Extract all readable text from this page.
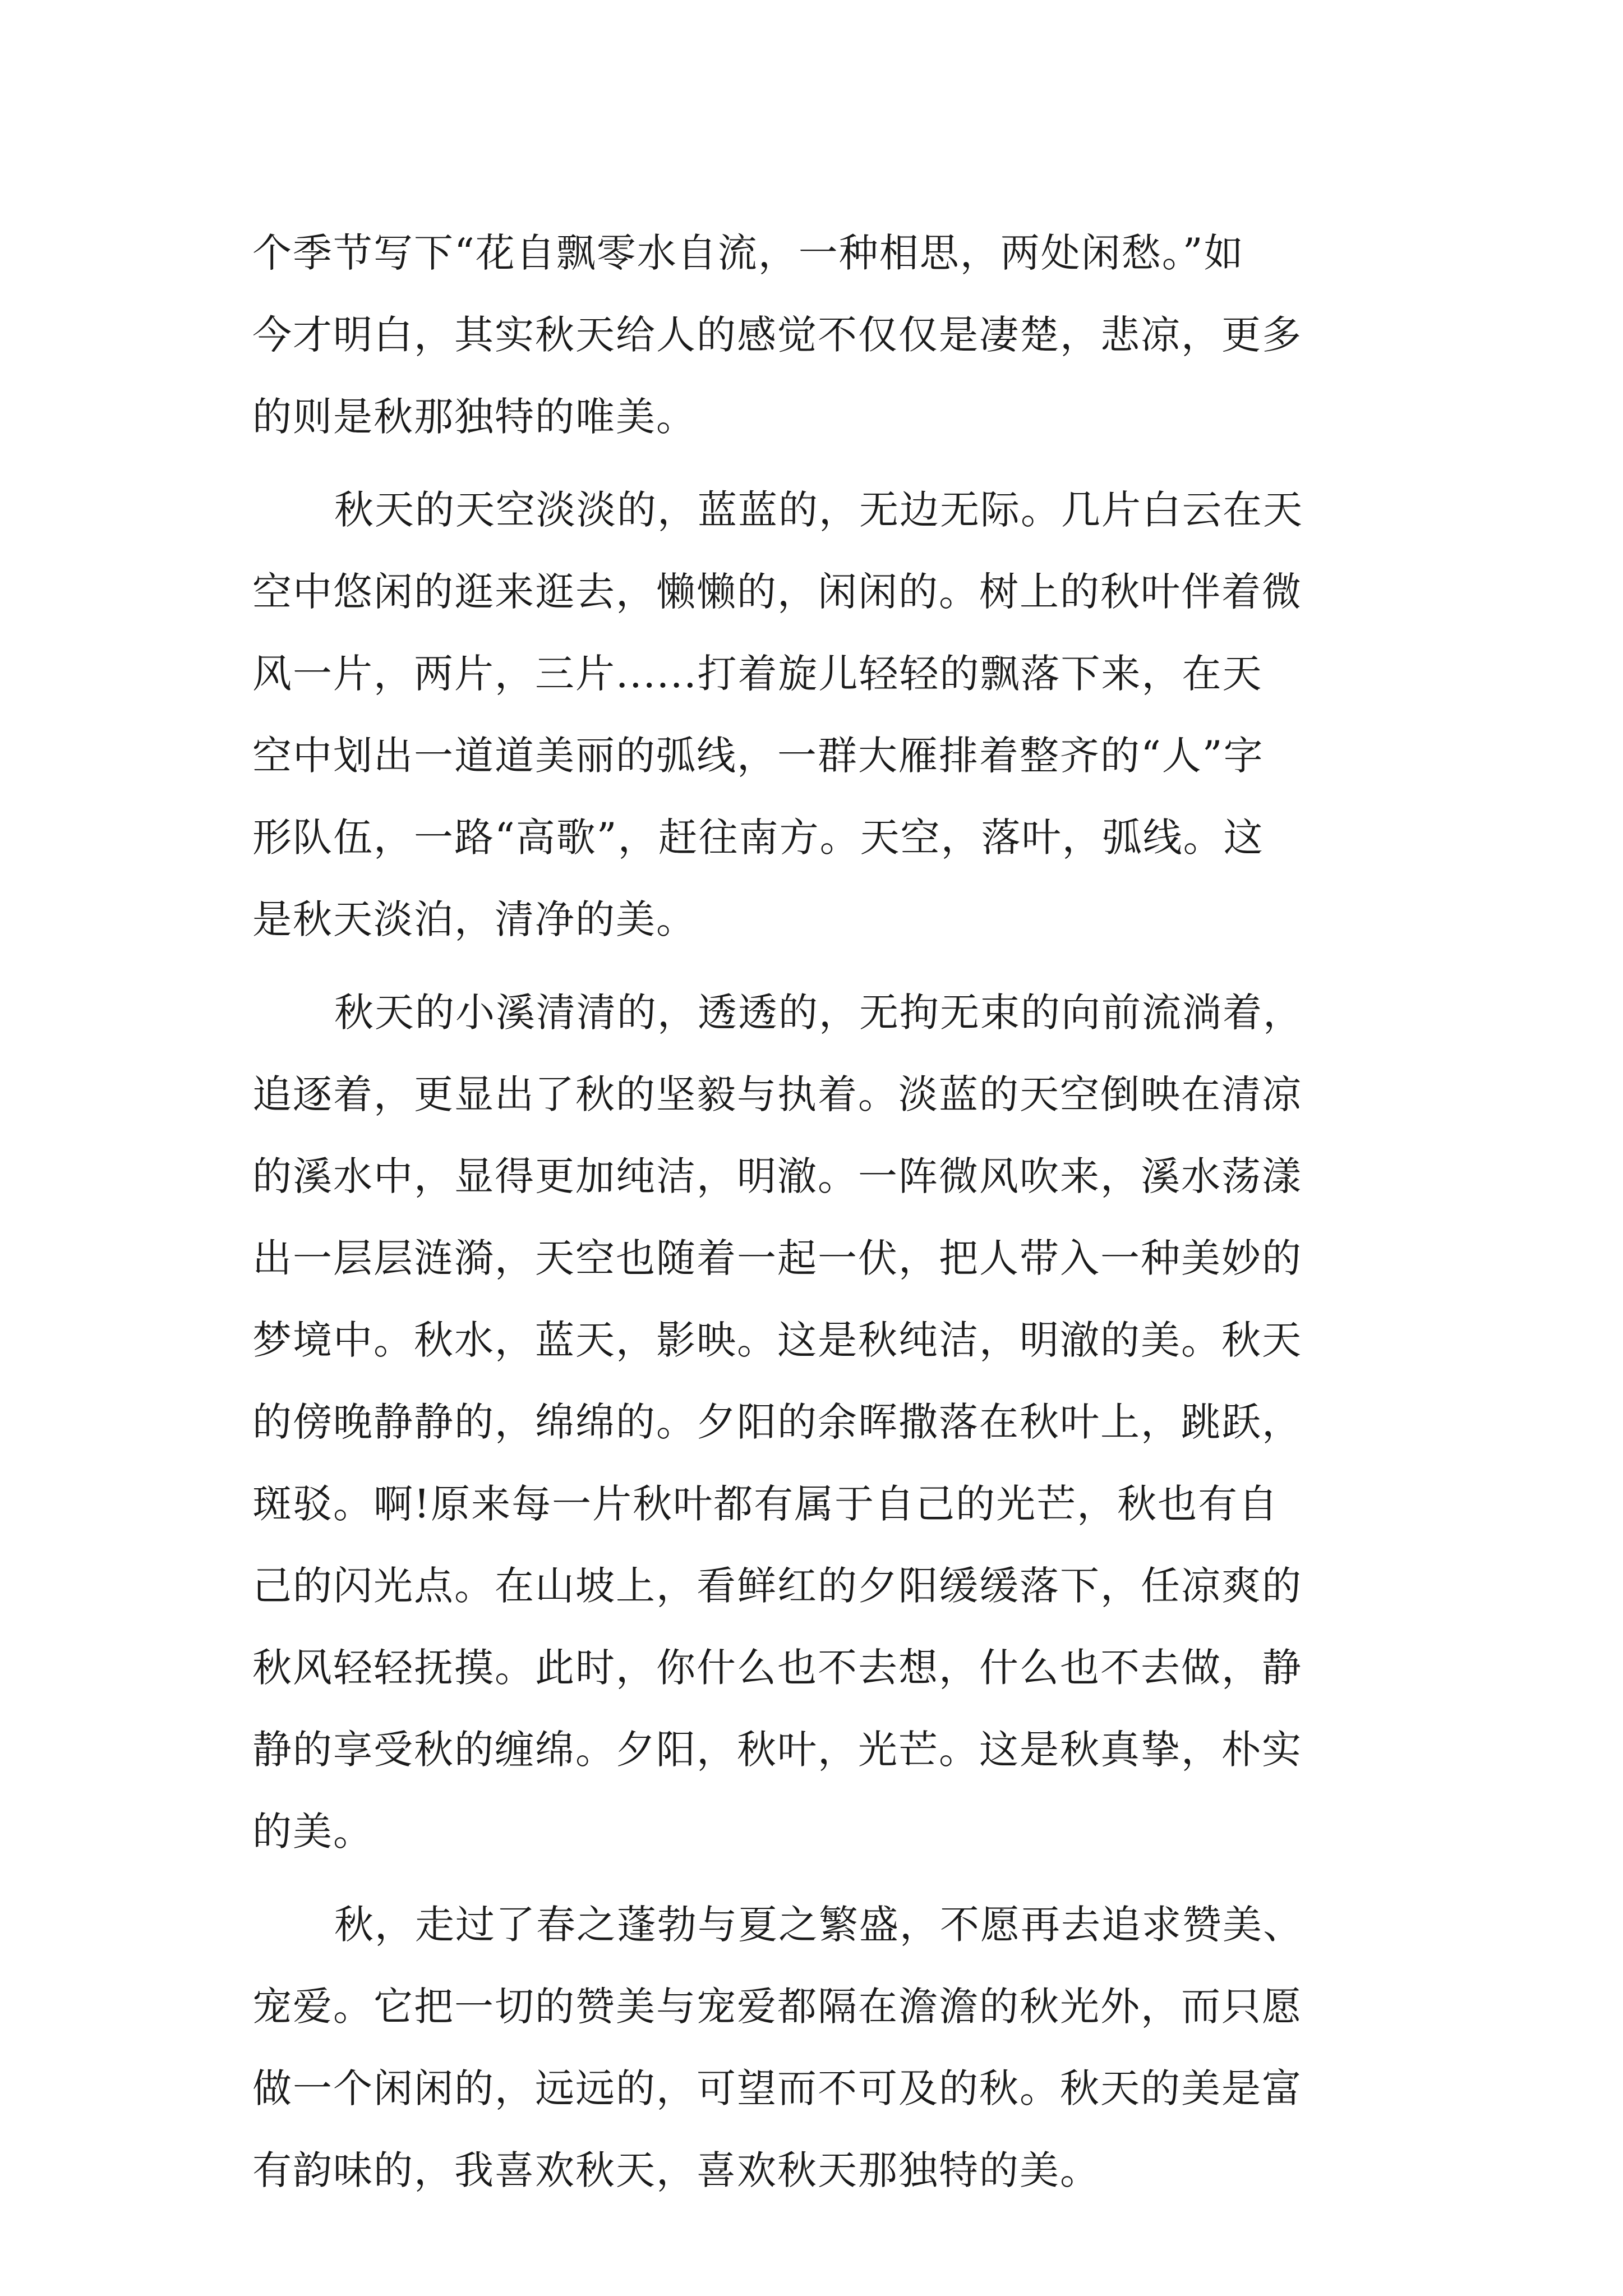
个季节写下“花自飘零水自流，一种相思，两处闲愁。”如
今才明白，其实秋天给人的感觉不仅仅是凄楚，悲凉，更多
的则是秋那独特的唯美。
秋天的天空淡淡的，蓝蓝的，无边无际。几片白云在天
空中悠闲的逛来逛去，懒懒的，闲闲的。树上的秋叶伴着微
风一片，两片，三片......打着旋儿轻轻的飘落下来，在天
空中划出一道道美丽的弧线，一群大雁排着整齐的“人”字
形队伍，一路“高歌”，赶往南方。天空，落叶，弧线。这
是秋天淡泊，清净的美。
秋天的小溪清清的，透透的，无拘无束的向前流淌着，
追逐着，更显出了秋的坚毅与执着。淡蓝的天空倒映在清凉
的溪水中，显得更加纯洁，明澈。一阵微风吹来，溪水荡漾
出一层层涟漪，天空也随着一起一伏，把人带入一种美妙的
梦境中。秋水，蓝天，影映。这是秋纯洁，明澈的美。秋天
的傍晚静静的，绵绵的。夕阳的余晖撒落在秋叶上，跳跃，
斑驳。啊!原来每一片秋叶都有属于自己的光芒，秋也有自
己的闪光点。在山坡上，看鲜红的夕阳缓缓落下，任凉爽的
秋风轻轻抚摸。此时，你什么也不去想，什么也不去做，静
静的享受秋的缠绵。夕阳，秋叶，光芒。这是秋真挚，朴实
的美。
秋，走过了春之蓬勃与夏之繁盛，不愿再去追求赞美、
宠爱。它把一切的赞美与宠爱都隔在澹澹的秋光外，而只愿
做一个闲闲的，远远的，可望而不可及的秋。秋天的美是富
有韵味的，我喜欢秋天，喜欢秋天那独特的美。
